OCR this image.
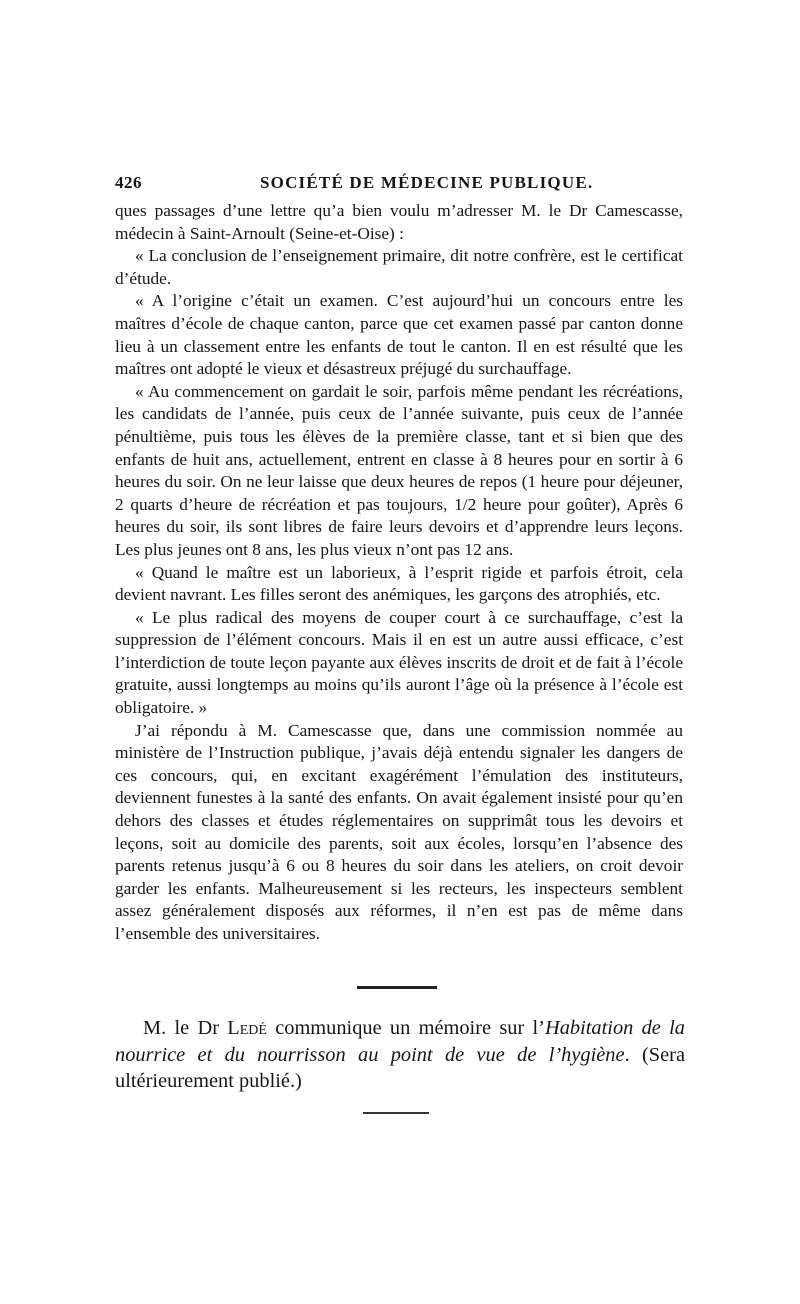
426	SOCIÉTÉ DE MÉDECINE PUBLIQUE.

ques passages d’une lettre qu’a bien voulu m’adresser M. le Dr Camescasse, médecin à Saint-Arnoult (Seine-et-Oise) :

« La conclusion de l’enseignement primaire, dit notre confrère, est le certificat d’étude.

« A l’origine c’était un examen. C’est aujourd’hui un concours entre les maîtres d’école de chaque canton, parce que cet examen passé par canton donne lieu à un classement entre les enfants de tout le canton. Il en est résulté que les maîtres ont adopté le vieux et désastreux préjugé du surchauffage.

« Au commencement on gardait le soir, parfois même pendant les récréations, les candidats de l’année, puis ceux de l’année suivante, puis ceux de l’année pénultième, puis tous les élèves de la première classe, tant et si bien que des enfants de huit ans, actuellement, entrent en classe à 8 heures pour en sortir à 6 heures du soir. On ne leur laisse que deux heures de repos (1 heure pour déjeuner, 2 quarts d’heure de récréation et pas toujours, 1/2 heure pour goûter), Après 6 heures du soir, ils sont libres de faire leurs devoirs et d’apprendre leurs leçons. Les plus jeunes ont 8 ans, les plus vieux n’ont pas 12 ans.

« Quand le maître est un laborieux, à l’esprit rigide et parfois étroit, cela devient navrant. Les filles seront des anémiques, les garçons des atrophiés, etc.

« Le plus radical des moyens de couper court à ce surchauffage, c’est la suppression de l’élément concours. Mais il en est un autre aussi efficace, c’est l’interdiction de toute leçon payante aux élèves inscrits de droit et de fait à l’école gratuite, aussi longtemps au moins qu’ils auront l’âge où la présence à l’école est obligatoire. »

J’ai répondu à M. Camescasse que, dans une commission nommée au ministère de l’Instruction publique, j’avais déjà entendu signaler les dangers de ces concours, qui, en excitant exagérément l’émulation des instituteurs, deviennent funestes à la santé des enfants. On avait également insisté pour qu’en dehors des classes et études réglementaires on supprimât tous les devoirs et leçons, soit au domicile des parents, soit aux écoles, lorsqu’en l’absence des parents retenus jusqu’à 6 ou 8 heures du soir dans les ateliers, on croit devoir garder les enfants. Malheureusement si les recteurs, les inspecteurs semblent assez généralement disposés aux réformes, il n’en est pas de même dans l’ensemble des universitaires.

M. le Dr Ledé communique un mémoire sur l’Habitation de la nourrice et du nourrisson au point de vue de l’hygiène. (Sera ultérieurement publié.)
